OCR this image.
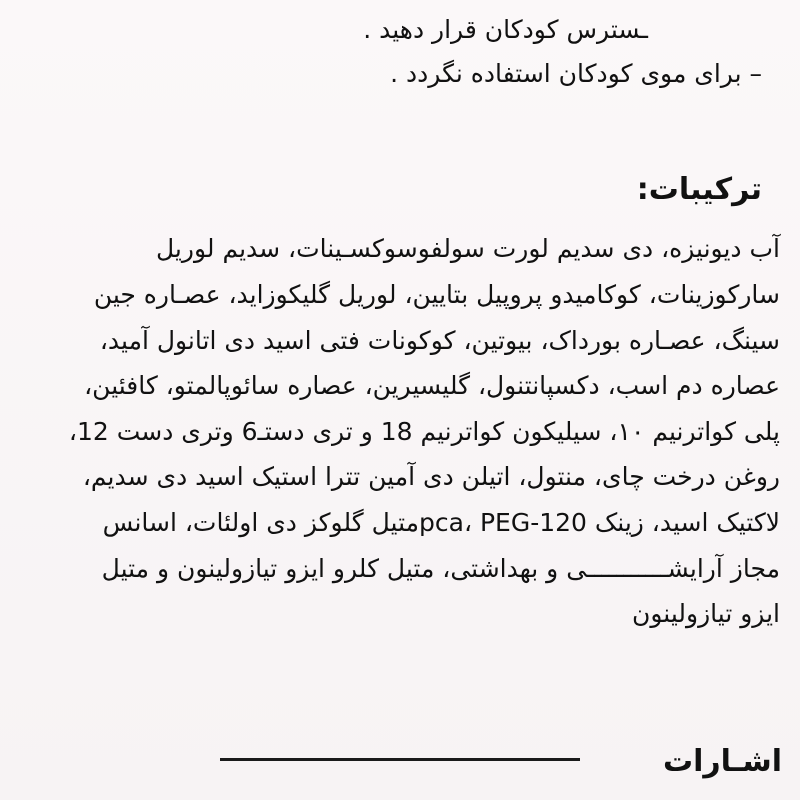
ـسترس کودکان قرار دهید .
– برای موی کودکان استفاده نگردد .
ترکیبات:
آب دیونیزه، دی سدیم لورت سولفوسوکسـینات، سدیم لوریل
سارکوزینات، کوکامیدو پروپیل بتایین، لوریل گلیکوزاید، عصـاره جین
سینگ، عصـاره بورداک، بیوتین، کوکونات فتی اسید دی اتانول آمید،
عصاره دم اسب، دکسپانتنول، گلیسیرین، عصاره سائوپالمتو، کافئین،
پلی کواترنیم ۱۰، سیلیکون کواترنیم 18 و تری دستـ6 وتری دست 12،
روغن درخت چای، منتول، اتیلن دی آمین تترا استیک اسید دی سدیم،
لاکتیک اسید، زینک pca، PEG-120متیل گلوکز دی اولئات، اسانس
مجاز آرایشـــــــــــی و بهداشتی، متیل کلرو ایزو تیازولینون و متیل
ایزو تیازولینون
اشـارات
